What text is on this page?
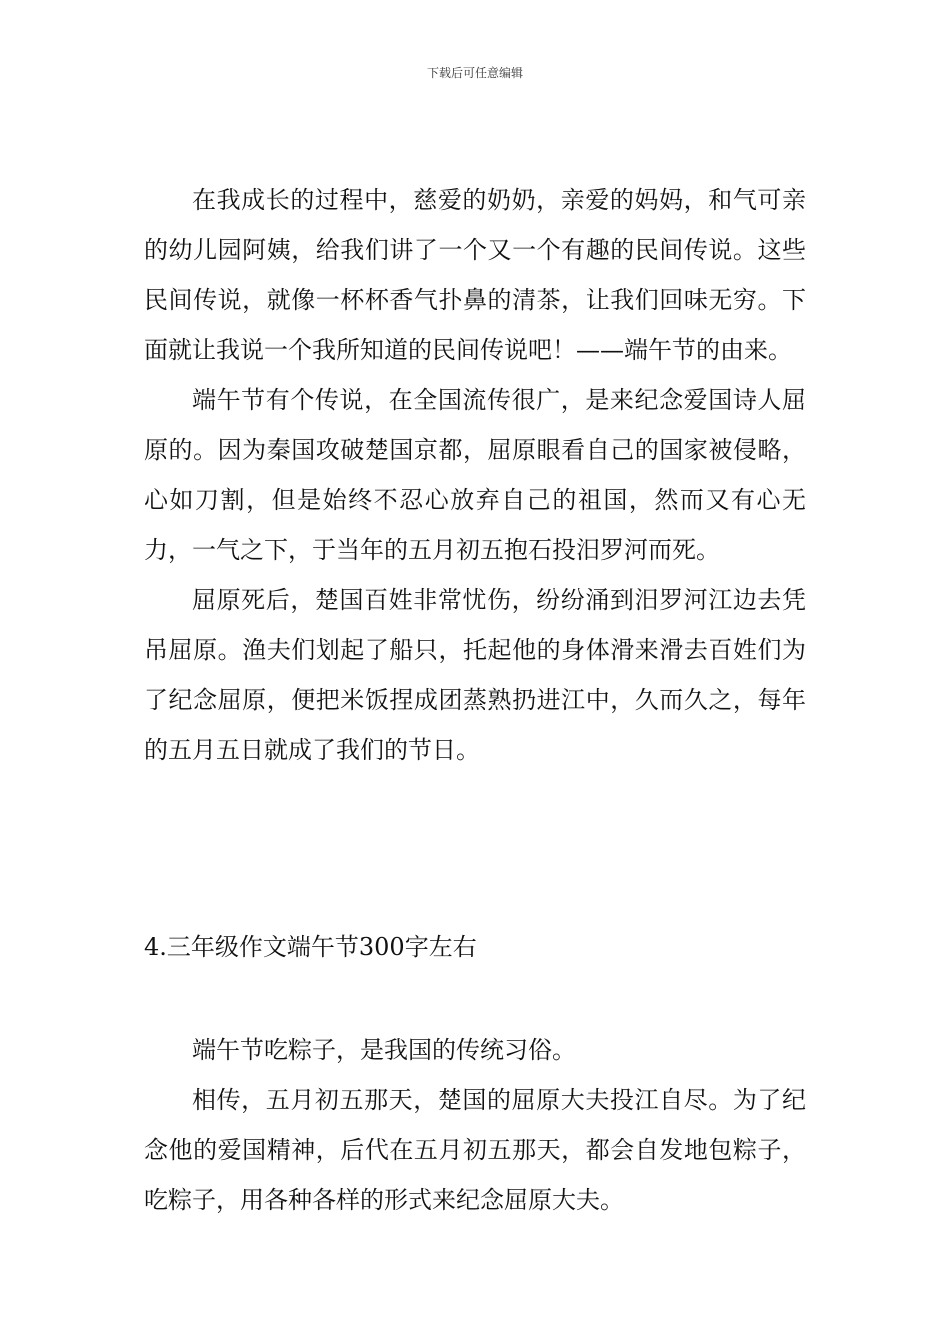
下载后可任意编辑

在我成长的过程中，慈爱的奶奶，亲爱的妈妈，和气可亲的幼儿园阿姨，给我们讲了一个又一个有趣的民间传说。这些民间传说，就像一杯杯香气扑鼻的清茶，让我们回味无穷。下面就让我说一个我所知道的民间传说吧！——端午节的由来。

端午节有个传说，在全国流传很广，是来纪念爱国诗人屈原的。因为秦国攻破楚国京都，屈原眼看自己的国家被侵略，心如刀割，但是始终不忍心放弃自己的祖国，然而又有心无力，一气之下，于当年的五月初五抱石投汨罗河而死。

屈原死后，楚国百姓非常忧伤，纷纷涌到汨罗河江边去凭吊屈原。渔夫们划起了船只，托起他的身体滑来滑去百姓们为了纪念屈原，便把米饭捏成团蒸熟扔进江中，久而久之，每年的五月五日就成了我们的节日。

4.三年级作文端午节300字左右

端午节吃粽子，是我国的传统习俗。

相传，五月初五那天，楚国的屈原大夫投江自尽。为了纪念他的爱国精神，后代在五月初五那天，都会自发地包粽子，吃粽子，用各种各样的形式来纪念屈原大夫。
